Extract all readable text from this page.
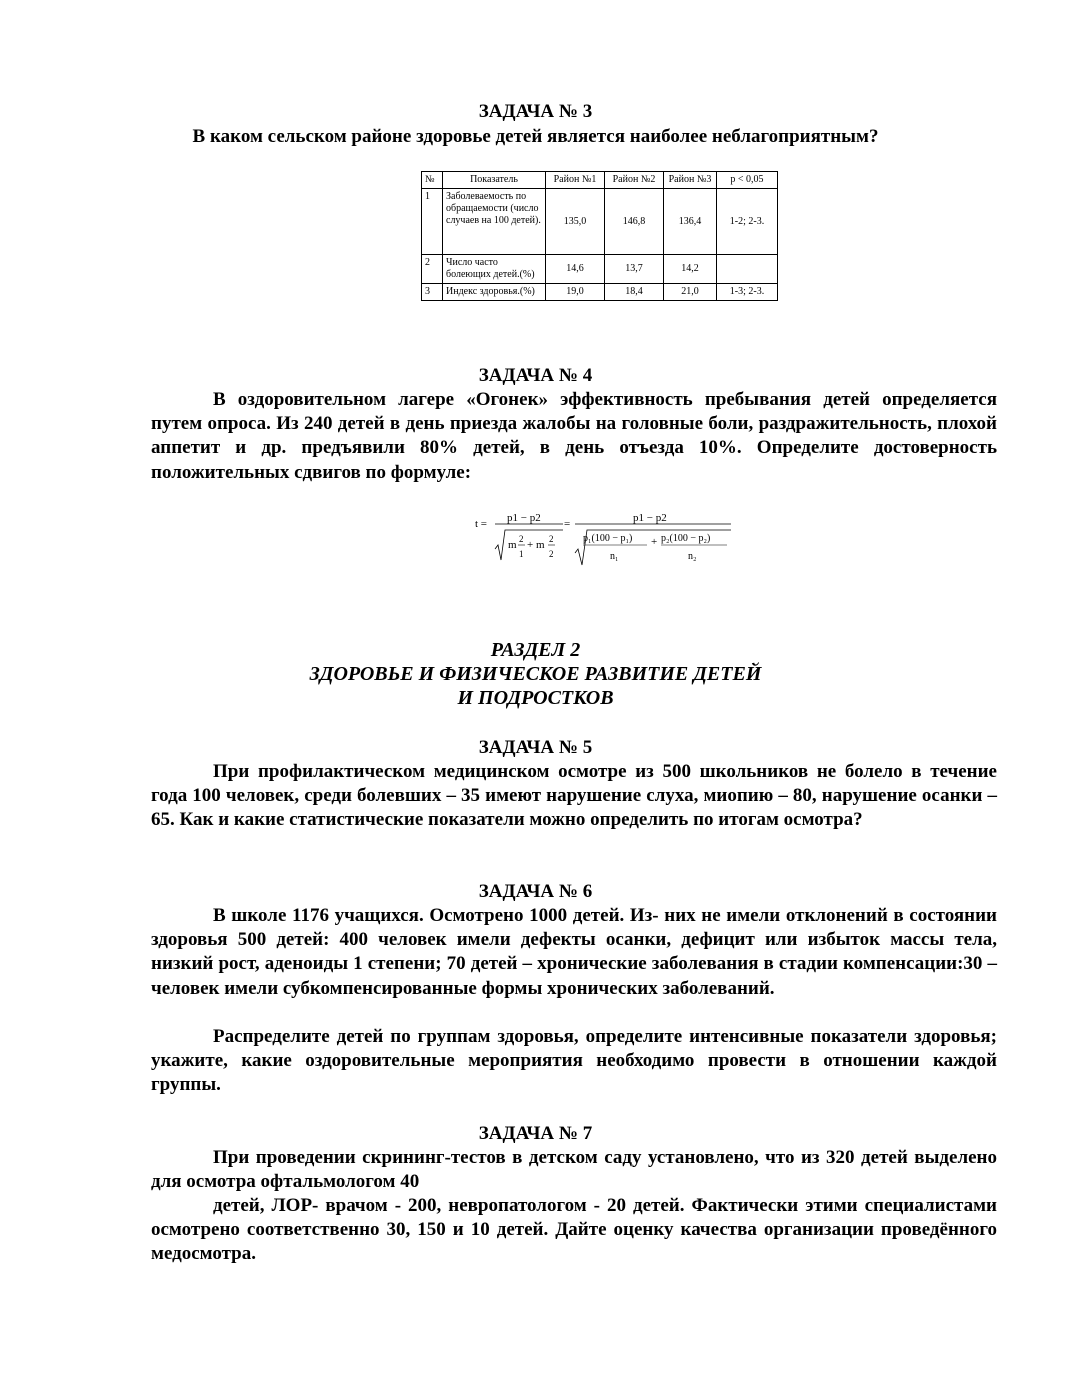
ЗАДАЧА № 3
В каком сельском районе здоровье детей является наиболее неблагоприятным?
№	Показатель	Район №1	Район №2	Район №3	p < 0,05
1	Заболеваемость по обращаемости (число случаев на 100 детей).	135,0	146,8	136,4	1-2; 2-3.
2	Число часто болеющих детей.(%)	14,6	13,7	14,2	
3	Индекс здоровья.(%)	19,0	18,4	21,0	1-3; 2-3.
ЗАДАЧА № 4

В оздоровительном лагере «Огонек» эффективность пребывания детей определяется путем опроса. Из 240 детей в день приезда жалобы на головные боли, раздражительность, плохой аппетит и др. предъявили 80% детей, в день отъезда 10%. Определите достоверность положительных сдвигов по формуле:

t = p1 − p2
m 2
1
+ m 2
2
=	p1 − p2
p₁(100 − p₁)
n₁
+ p₂(100 − p₂)
n₂
РАЗДЕЛ 2
ЗДОРОВЬЕ И ФИЗИЧЕСКОЕ РАЗВИТИЕ ДЕТЕЙ
И ПОДРОСТКОВ
ЗАДАЧА № 5

При профилактическом медицинском осмотре из 500 школьников не болело в течение года 100 человек, среди болевших – 35 имеют нарушение слуха, миопию – 80, нарушение осанки – 65. Как и какие статистические показатели можно определить по итогам осмотра?

ЗАДАЧА № 6

В школе 1176 учащихся. Осмотрено 1000 детей. Из- них не имели отклонений в состоянии здоровья 500 детей: 400 человек имели дефекты осанки, дефицит или избыток массы тела, низкий рост, аденоиды 1 степени; 70 детей – хронические заболевания в стадии компенсации:30 – человек имели субкомпенсированные формы хронических заболеваний.

Распределите детей по группам здоровья, определите интенсивные показатели здоровья; укажите, какие оздоровительные мероприятия необходимо провести в отношении каждой группы.

ЗАДАЧА № 7

При проведении скрининг-тестов в детском саду установлено, что из 320 детей выделено для осмотра офтальмологом 40

детей, ЛОР- врачом - 200, невропатологом - 20 детей. Фактически этими специалистами осмотрено соответственно 30, 150 и 10 детей. Дайте оценку качества организации проведённого медосмотра.
